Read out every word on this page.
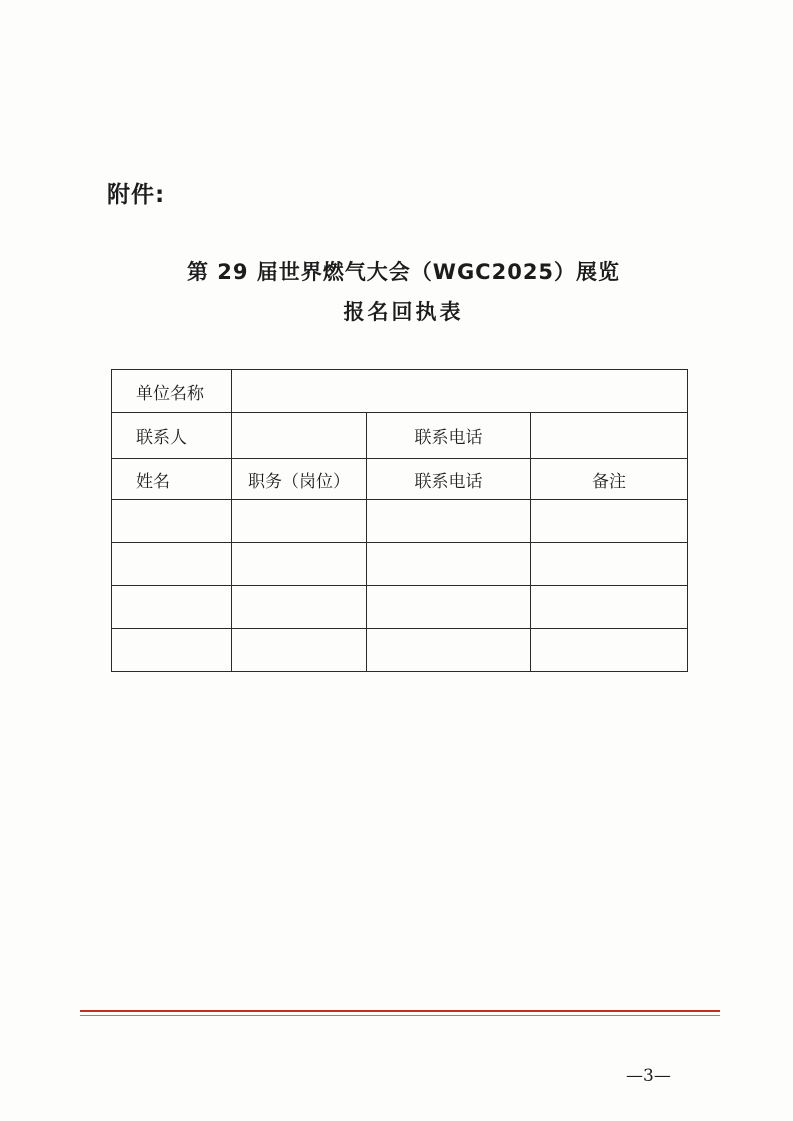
附件:
第 29 届世界燃气大会（WGC2025）展览
报名回执表
单位名称			
联系人		联系电话	
姓名	职务（岗位）	联系电话	备注

—3—
